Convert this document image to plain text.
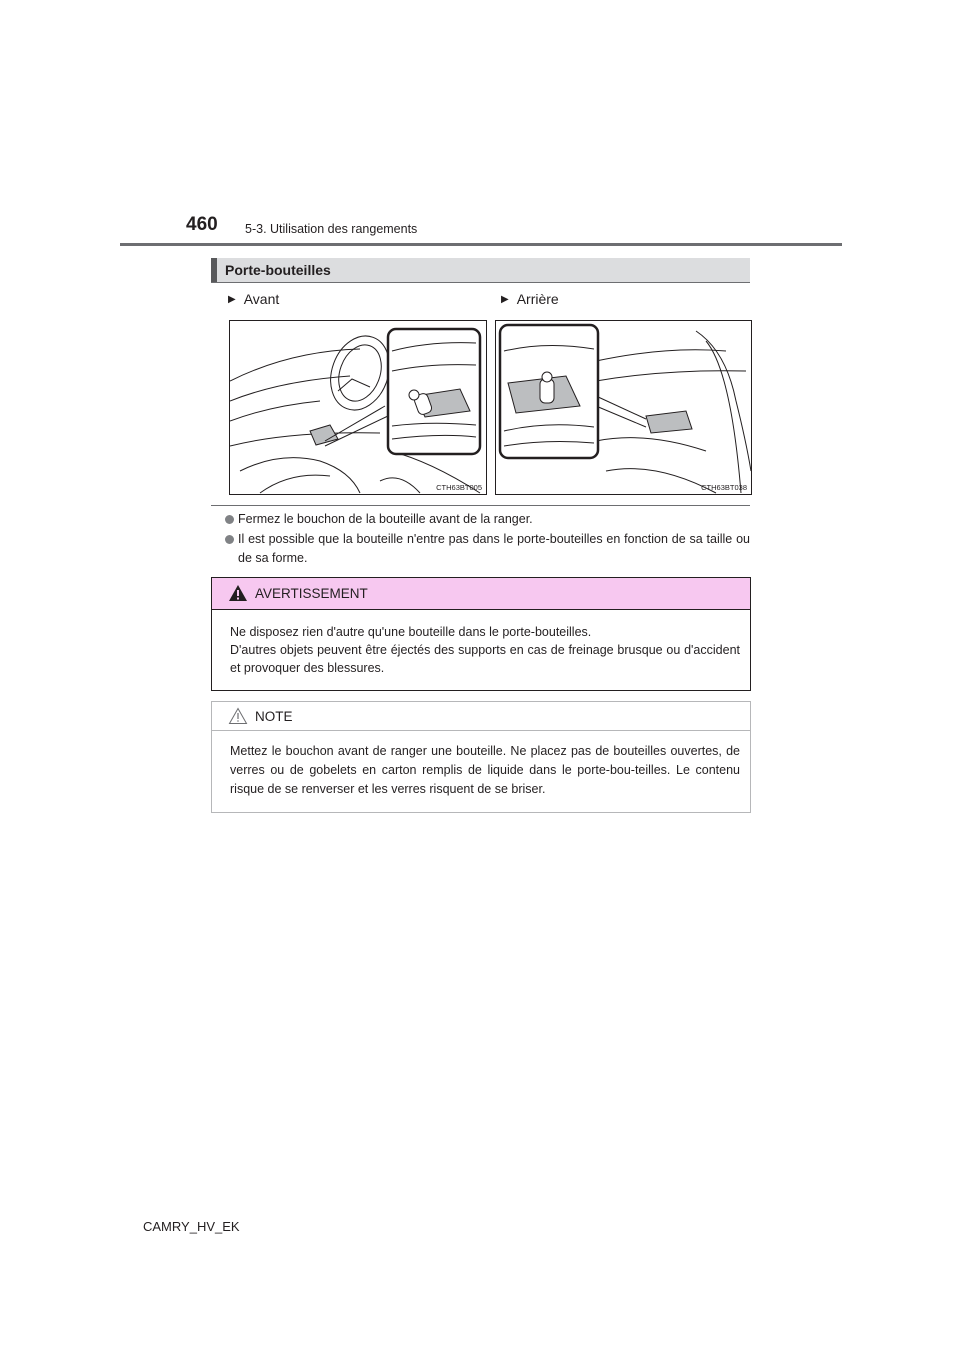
460 5-3. Utilisation des rangements
Porte-bouteilles
▶ Avant	▶ Arrière
CTH63BT005	CTH63BT038
Fermez le bouchon de la bouteille avant de la ranger.
Il est possible que la bouteille n'entre pas dans le porte-bouteilles en fonction de sa taille ou de sa forme.
AVERTISSEMENT
Ne disposez rien d'autre qu'une bouteille dans le porte-bouteilles.
D'autres objets peuvent être éjectés des supports en cas de freinage brusque ou d'accident et provoquer des blessures.
NOTE
Mettez le bouchon avant de ranger une bouteille. Ne placez pas de bouteilles ouvertes, de verres ou de gobelets en carton remplis de liquide dans le porte-bou-teilles. Le contenu risque de se renverser et les verres risquent de se briser.
CAMRY_HV_EK
